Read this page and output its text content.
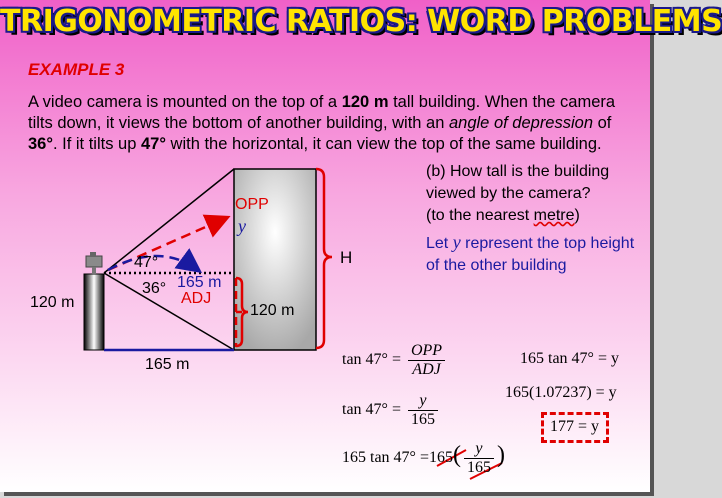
TRIGONOMETRIC RATIOS: WORD PROBLEMS
EXAMPLE 3
A video camera is mounted on the top of a 120 m tall building. When the camera tilts down, it views the bottom of another building, with an angle of depression of 36°. If it tilts up 47° with the horizontal, it can view the top of the same building.
(b) How tall is the building viewed by the camera?
(to the nearest metre)
Let y represent the top height of the other building
OPP
y
47°
36° 165 m
ADJ
120 m	120 m
165 m
H
$\tan 47^\circ = \frac{\text{OPP}}{\text{ADJ}}$
$\tan 47^\circ = \frac{y}{165}$
165 $\tan 47^\circ =165( \frac{y}{165}$ )
165 tan 47° = y
165(1.07237) = y
177 = y
